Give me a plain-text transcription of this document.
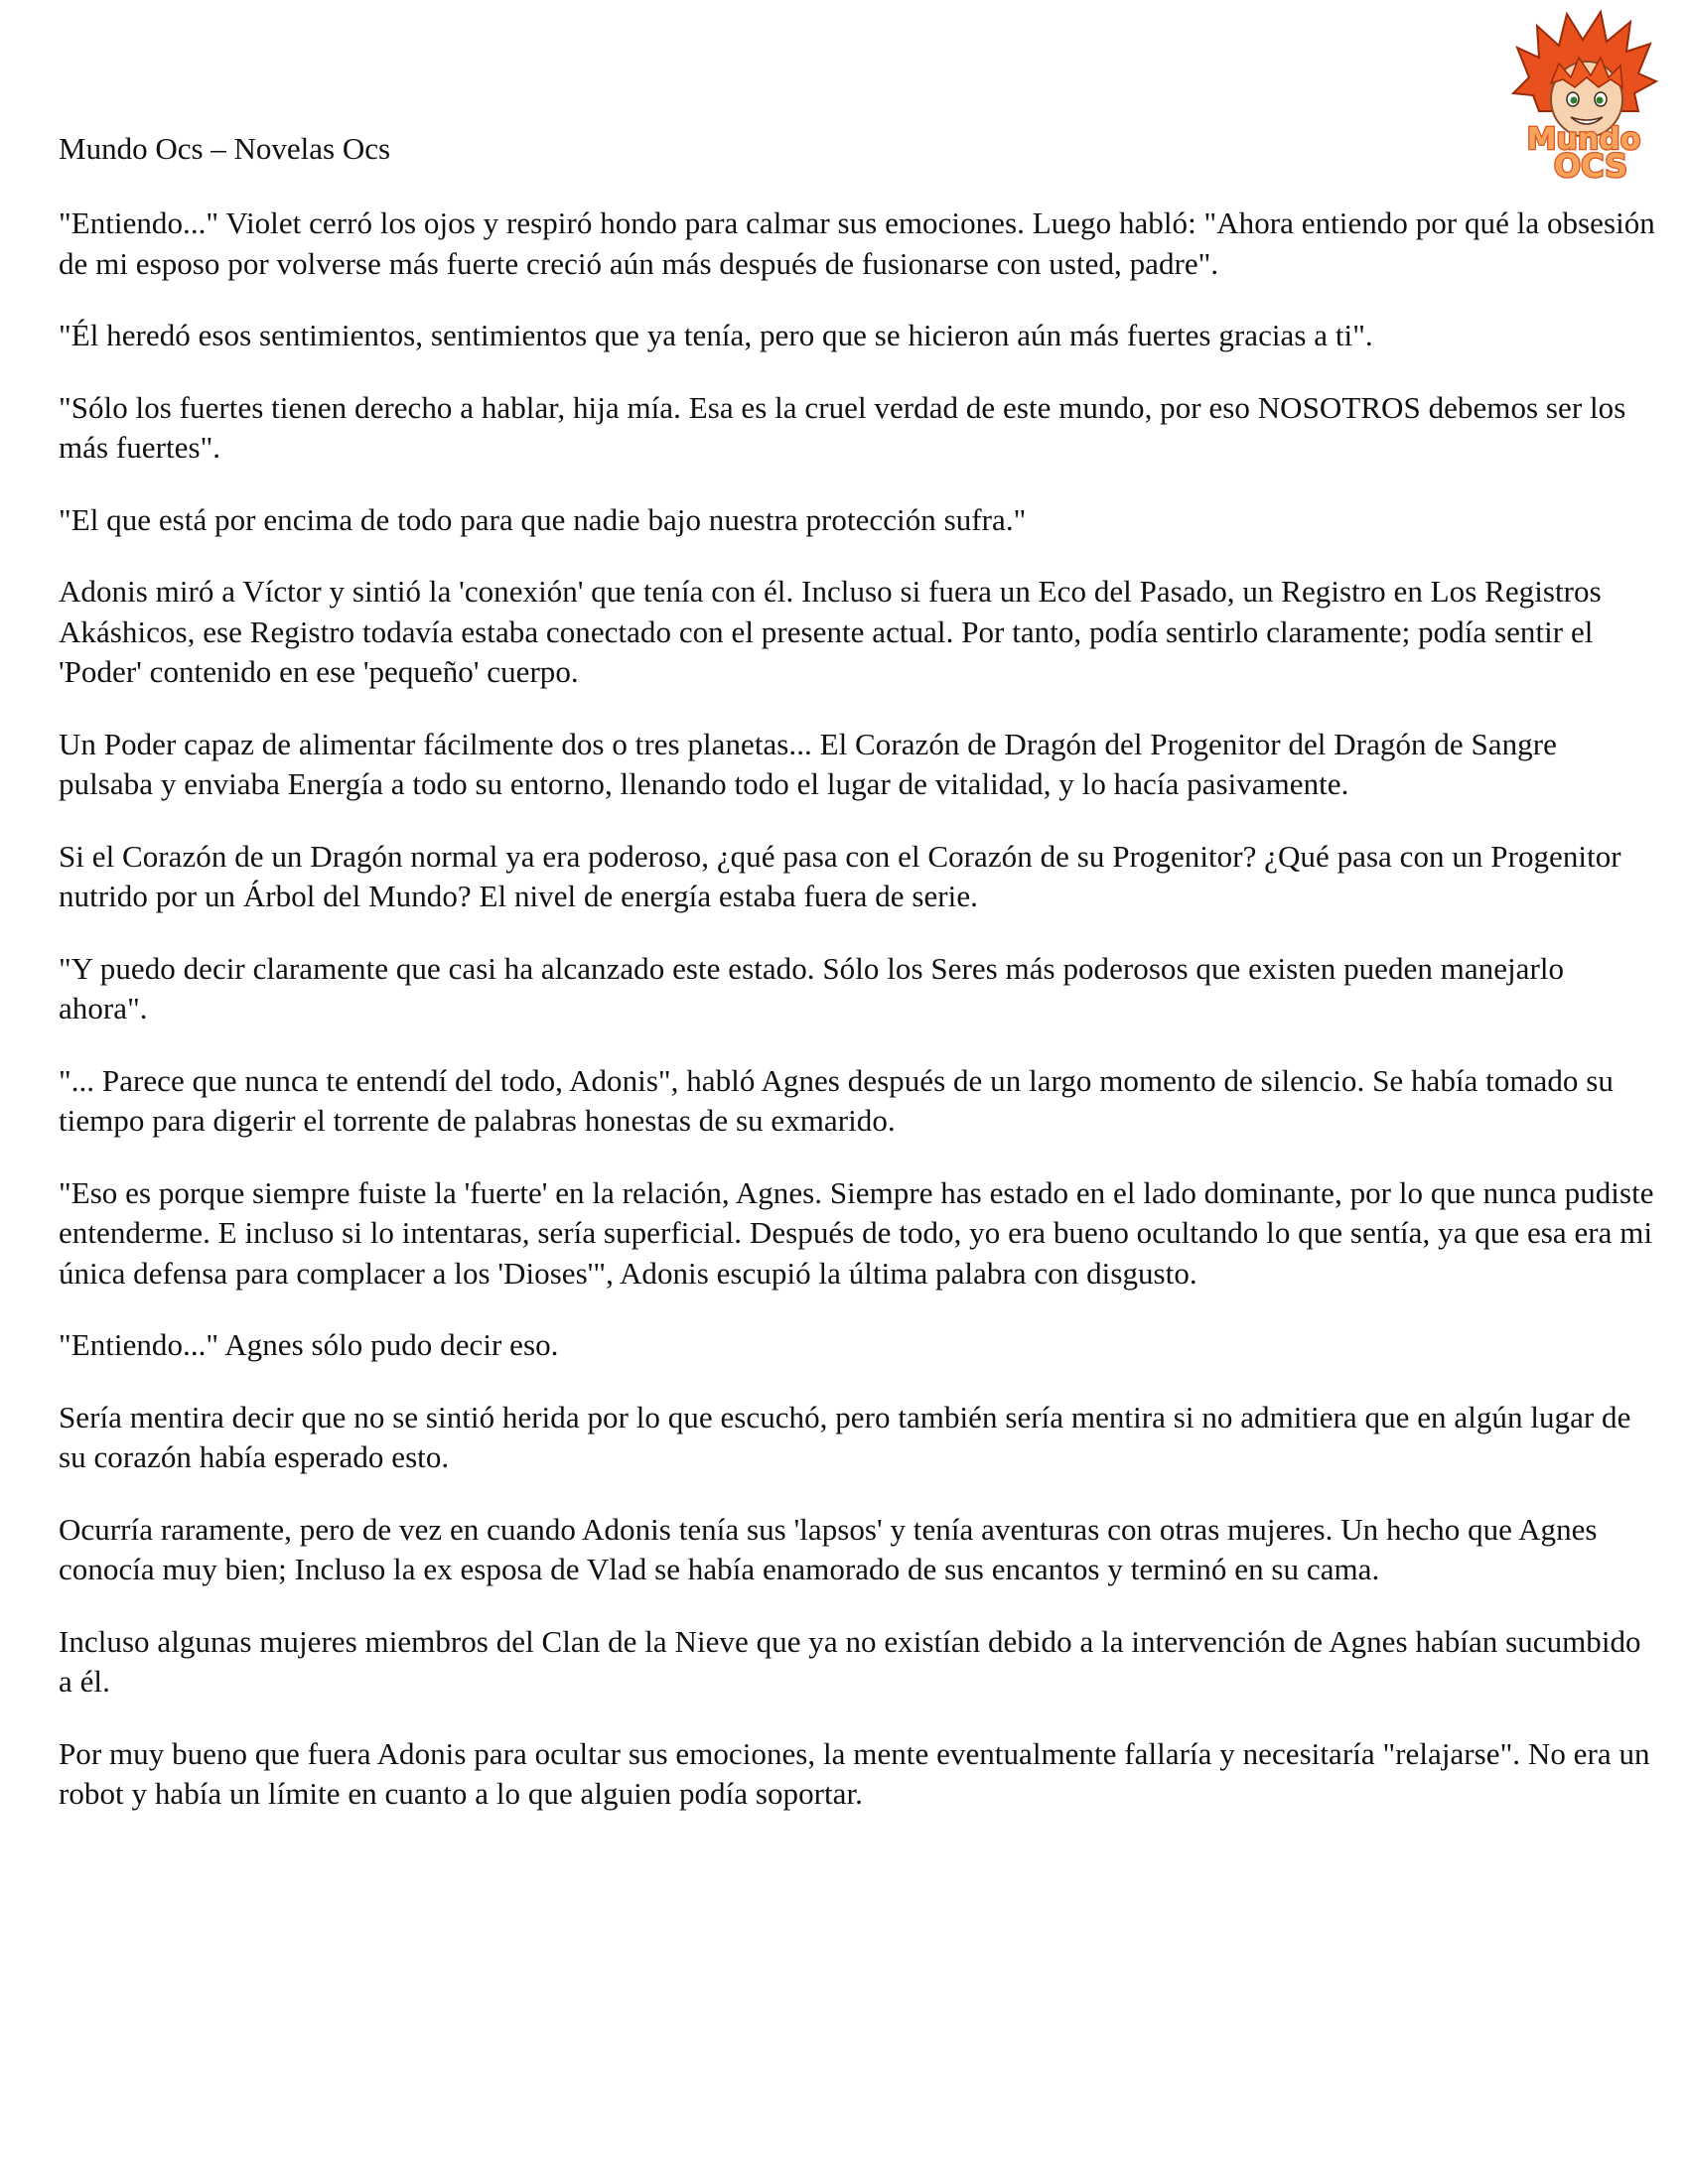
Mundo Ocs – Novelas Ocs	Mundo
OCS

"Entiendo..." Violet cerró los ojos y respiró hondo para calmar sus emociones. Luego habló: "Ahora entiendo por qué la obsesión de mi esposo por volverse más fuerte creció aún más después de fusionarse con usted, padre".

"Él heredó esos sentimientos, sentimientos que ya tenía, pero que se hicieron aún más fuertes gracias a ti".

"Sólo los fuertes tienen derecho a hablar, hija mía. Esa es la cruel verdad de este mundo, por eso NOSOTROS debemos ser los más fuertes".

"El que está por encima de todo para que nadie bajo nuestra protección sufra."

Adonis miró a Víctor y sintió la 'conexión' que tenía con él. Incluso si fuera un Eco del Pasado, un Registro en Los Registros Akáshicos, ese Registro todavía estaba conectado con el presente actual. Por tanto, podía sentirlo claramente; podía sentir el 'Poder' contenido en ese 'pequeño' cuerpo.

Un Poder capaz de alimentar fácilmente dos o tres planetas... El Corazón de Dragón del Progenitor del Dragón de Sangre pulsaba y enviaba Energía a todo su entorno, llenando todo el lugar de vitalidad, y lo hacía pasivamente.

Si el Corazón de un Dragón normal ya era poderoso, ¿qué pasa con el Corazón de su Progenitor? ¿Qué pasa con un Progenitor nutrido por un Árbol del Mundo? El nivel de energía estaba fuera de serie.

"Y puedo decir claramente que casi ha alcanzado este estado. Sólo los Seres más poderosos que existen pueden manejarlo ahora".

"... Parece que nunca te entendí del todo, Adonis", habló Agnes después de un largo momento de silencio. Se había tomado su tiempo para digerir el torrente de palabras honestas de su exmarido.

"Eso es porque siempre fuiste la 'fuerte' en la relación, Agnes. Siempre has estado en el lado dominante, por lo que nunca pudiste entenderme. E incluso si lo intentaras, sería superficial. Después de todo, yo era bueno ocultando lo que sentía, ya que esa era mi única defensa para complacer a los 'Dioses'", Adonis escupió la última palabra con disgusto.

"Entiendo..." Agnes sólo pudo decir eso.

Sería mentira decir que no se sintió herida por lo que escuchó, pero también sería mentira si no admitiera que en algún lugar de su corazón había esperado esto.

Ocurría raramente, pero de vez en cuando Adonis tenía sus 'lapsos' y tenía aventuras con otras mujeres. Un hecho que Agnes conocía muy bien; Incluso la ex esposa de Vlad se había enamorado de sus encantos y terminó en su cama.

Incluso algunas mujeres miembros del Clan de la Nieve que ya no existían debido a la intervención de Agnes habían sucumbido a él.

Por muy bueno que fuera Adonis para ocultar sus emociones, la mente eventualmente fallaría y necesitaría "relajarse". No era un robot y había un límite en cuanto a lo que alguien podía soportar.
